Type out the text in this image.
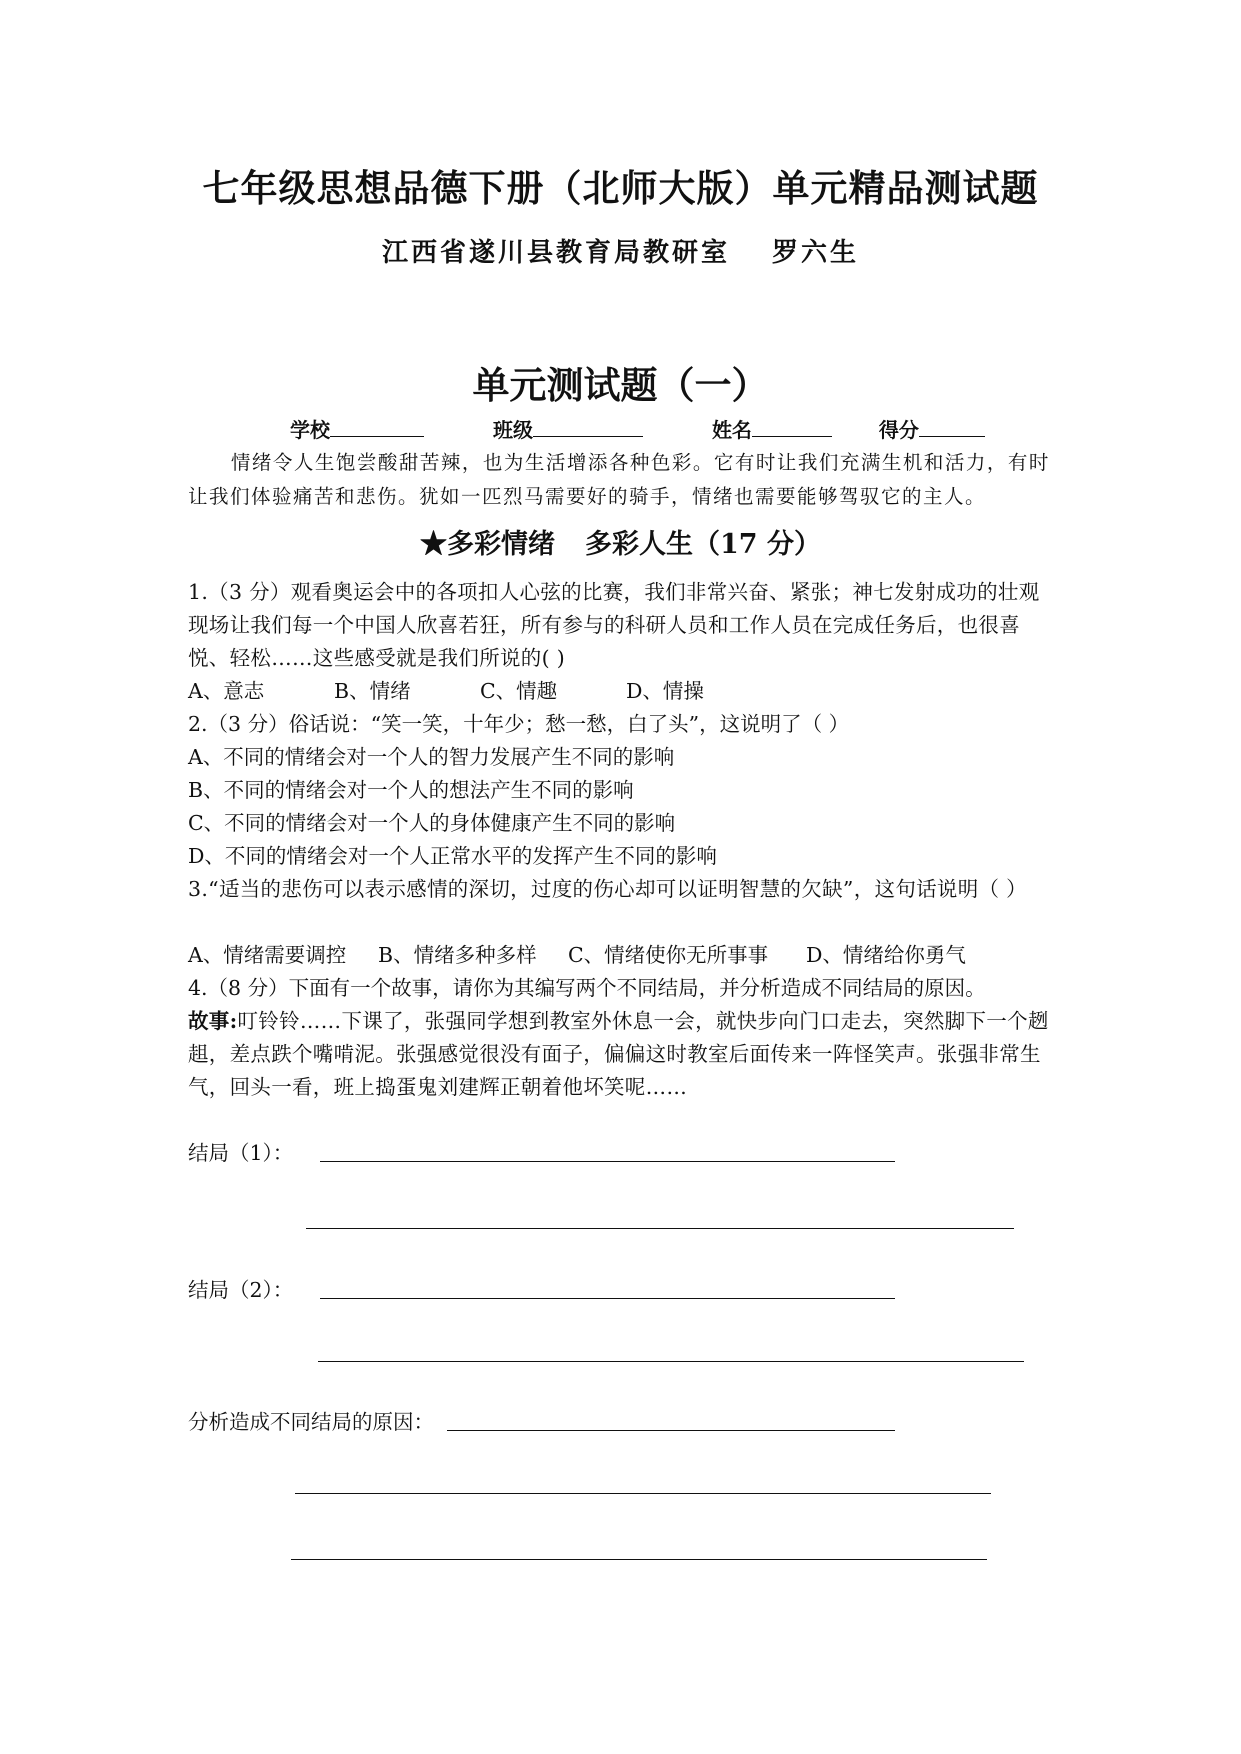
七年级思想品德下册（北师大版）单元精品测试题
江西省遂川县教育局教研室 罗六生
单元测试题（一）
学校	班级	姓名	得分
情绪令人生饱尝酸甜苦辣，也为生活增添各种色彩。它有时让我们充满生机和活力，有时让我们体验痛苦和悲伤。犹如一匹烈马需要好的骑手，情绪也需要能够驾驭它的主人。
★多彩情绪 多彩人生（17 分）
1.（3 分）观看奥运会中的各项扣人心弦的比赛，我们非常兴奋、紧张；神七发射成功的壮观现场让我们每一个中国人欣喜若狂，所有参与的科研人员和工作人员在完成任务后，也很喜悦、轻松……这些感受就是我们所说的( )
A、意志	B、情绪	C、情趣	D、情操
2.（3 分）俗话说：“笑一笑，十年少；愁一愁，白了头”，这说明了（ ）
A、不同的情绪会对一个人的智力发展产生不同的影响
B、不同的情绪会对一个人的想法产生不同的影响
C、不同的情绪会对一个人的身体健康产生不同的影响
D、不同的情绪会对一个人正常水平的发挥产生不同的影响
3.“适当的悲伤可以表示感情的深切，过度的伤心却可以证明智慧的欠缺”，这句话说明（ ）
A、情绪需要调控 B、情绪多种多样 C、情绪使你无所事事 D、情绪给你勇气
4.（8 分）下面有一个故事，请你为其编写两个不同结局，并分析造成不同结局的原因。
故事:叮铃铃……下课了，张强同学想到教室外休息一会，就快步向门口走去，突然脚下一个趔趄，差点跌个嘴啃泥。张强感觉很没有面子，偏偏这时教室后面传来一阵怪笑声。张强非常生气，回头一看，班上捣蛋鬼刘建辉正朝着他坏笑呢……
结局（1）：
结局（2）：
分析造成不同结局的原因：
